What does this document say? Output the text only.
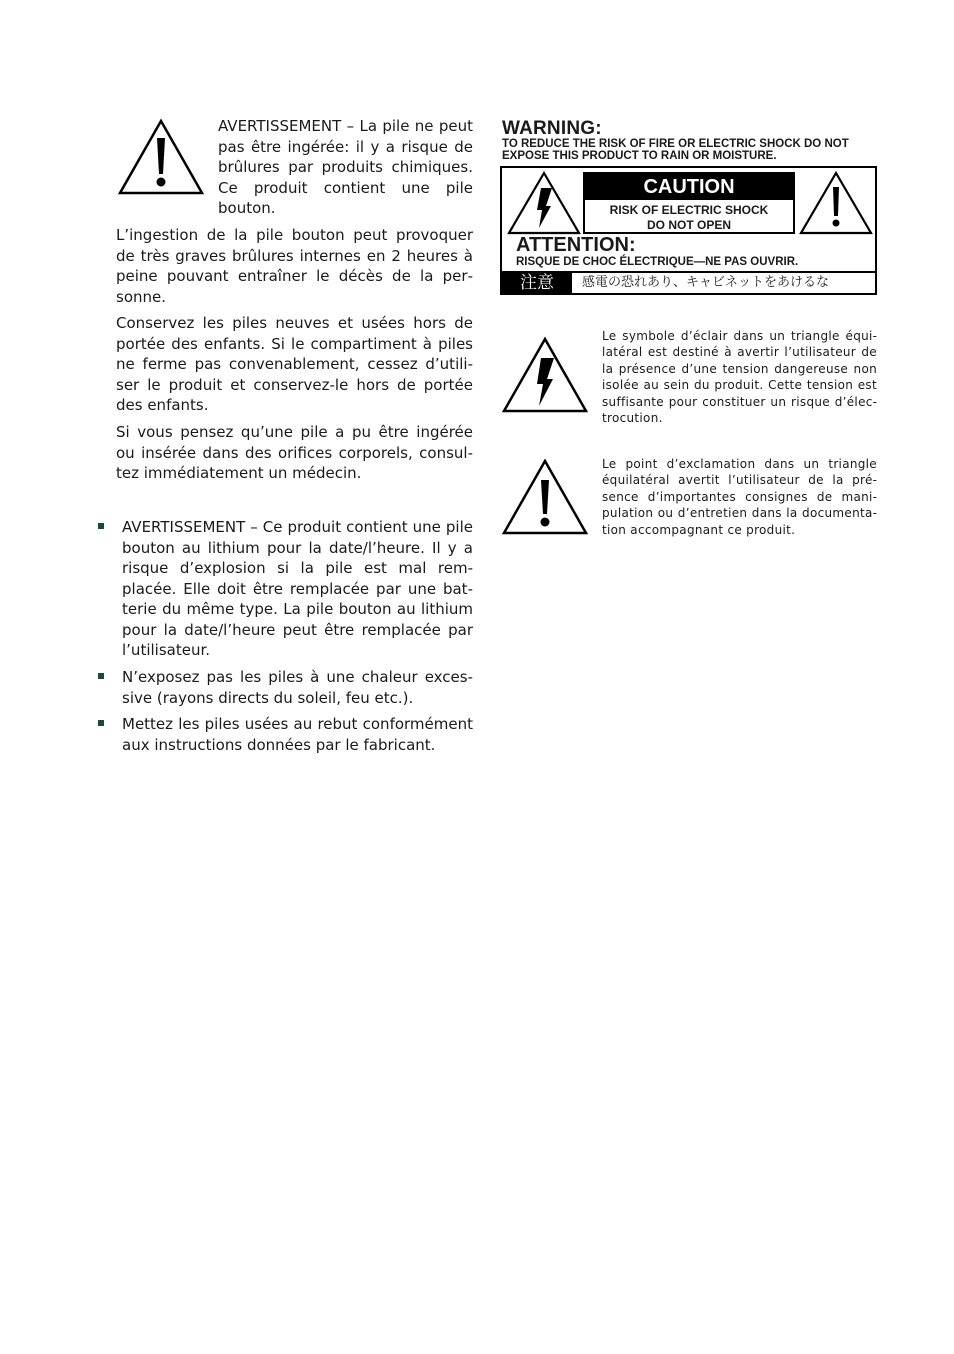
AVERTISSEMENT – La pile ne peut pas être ingérée: il y a risque de brûlures par produits chimiques. Ce produit contient une pile bouton.

L’ingestion de la pile bouton peut provoquer de très graves brûlures internes en 2 heures à peine pouvant entraîner le décès de la personne.

Conservez les piles neuves et usées hors de portée des enfants. Si le compartiment à piles ne ferme pas convenablement, cessez d’utiliser le produit et conservez-le hors de portée des enfants.

Si vous pensez qu’une pile a pu être ingérée ou insérée dans des orifices corporels, consultez immédiatement un médecin.

AVERTISSEMENT – Ce produit contient une pile bouton au lithium pour la date/l’heure. Il y a risque d’explosion si la pile est mal remplacée. Elle doit être remplacée par une batterie du même type. La pile bouton au lithium pour la date/l’heure peut être remplacée par l’utilisateur.

N’exposez pas les piles à une chaleur excessive (rayons directs du soleil, feu etc.).

Mettez les piles usées au rebut conformément aux instructions données par le fabricant.

WARNING:
TO REDUCE THE RISK OF FIRE OR ELECTRIC SHOCK DO NOT
EXPOSE THIS PRODUCT TO RAIN OR MOISTURE.
CAUTION
RISK OF ELECTRIC SHOCK
DO NOT OPEN
ATTENTION:
RISQUE DE CHOC ÉLECTRIQUE—NE PAS OUVRIR.
注意	感電の恐れあり、キャビネットをあけるな

Le symbole d’éclair dans un triangle équilatéral est destiné à avertir l’utilisateur de la présence d’une tension dangereuse non isolée au sein du produit. Cette tension est suffisante pour constituer un risque d’électrocution.

Le point d’exclamation dans un triangle équilatéral avertit l’utilisateur de la présence d’importantes consignes de manipulation ou d’entretien dans la documentation accompagnant ce produit.
